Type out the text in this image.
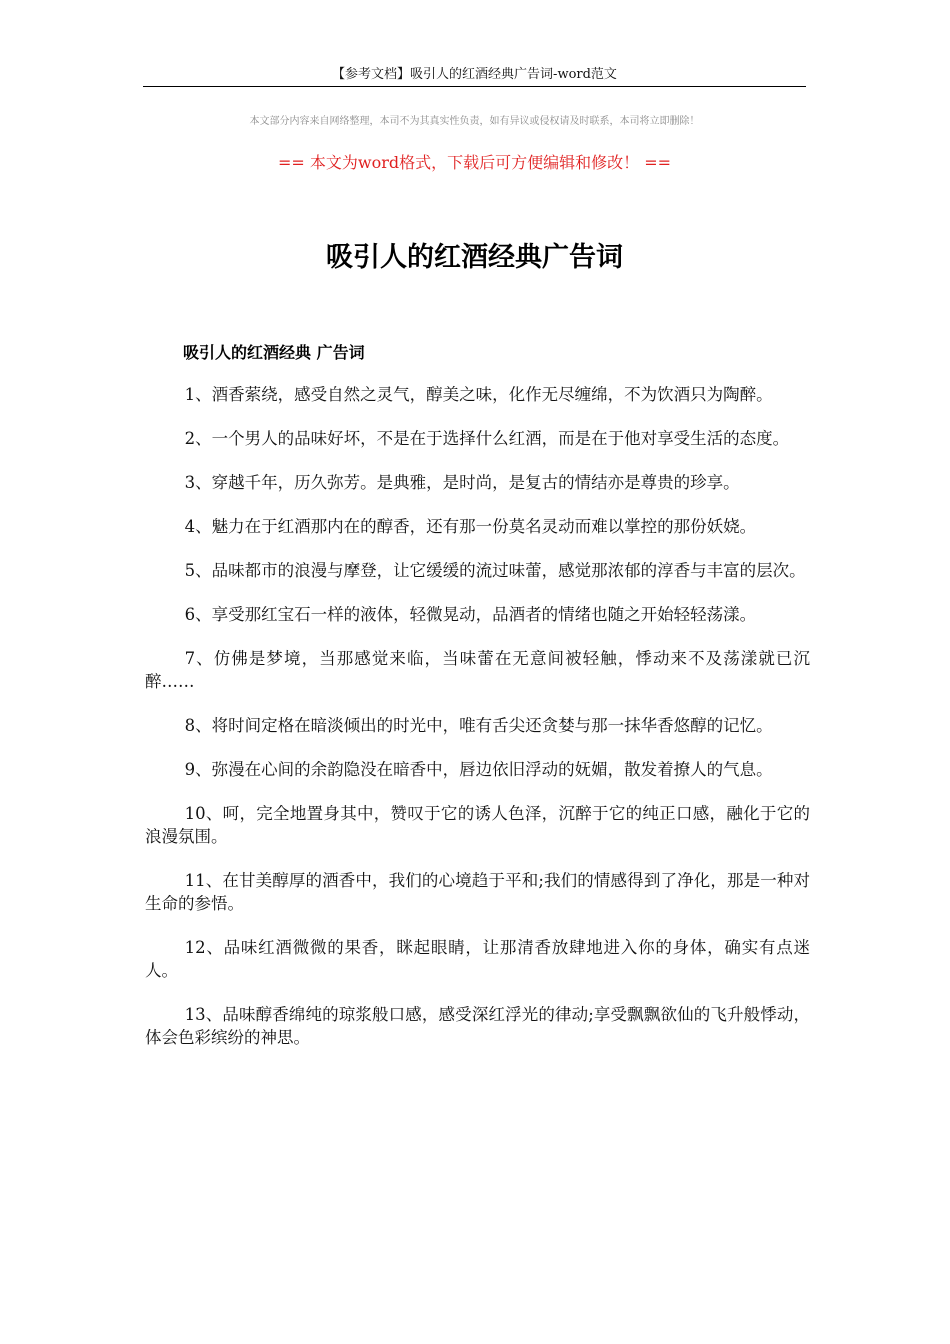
【参考文档】吸引人的红酒经典广告词-word范文
本文部分内容来自网络整理，本司不为其真实性负责，如有异议或侵权请及时联系，本司将立即删除！
== 本文为word格式，下载后可方便编辑和修改！ ==
吸引人的红酒经典广告词
吸引人的红酒经典 广告词

1、酒香萦绕，感受自然之灵气，醇美之味，化作无尽缠绵，不为饮酒只为陶醉。

2、一个男人的品味好坏，不是在于选择什么红酒，而是在于他对享受生活的态度。

3、穿越千年，历久弥芳。是典雅，是时尚，是复古的情结亦是尊贵的珍享。

4、魅力在于红酒那内在的醇香，还有那一份莫名灵动而难以掌控的那份妖娆。

5、品味都市的浪漫与摩登，让它缓缓的流过味蕾，感觉那浓郁的淳香与丰富的层次。

6、享受那红宝石一样的液体，轻微晃动，品酒者的情绪也随之开始轻轻荡漾。

7、仿佛是梦境，当那感觉来临，当味蕾在无意间被轻触，悸动来不及荡漾就已沉醉……

8、将时间定格在暗淡倾出的时光中，唯有舌尖还贪婪与那一抹华香悠醇的记忆。

9、弥漫在心间的余韵隐没在暗香中，唇边依旧浮动的妩媚，散发着撩人的气息。

10、呵，完全地置身其中，赞叹于它的诱人色泽，沉醉于它的纯正口感，融化于它的浪漫氛围。

11、在甘美醇厚的酒香中，我们的心境趋于平和;我们的情感得到了净化，那是一种对生命的参悟。

12、品味红酒微微的果香，眯起眼睛，让那清香放肆地进入你的身体，确实有点迷人。

13、品味醇香绵纯的琼浆般口感，感受深红浮光的律动;享受飘飘欲仙的飞升般悸动，体会色彩缤纷的神思。
